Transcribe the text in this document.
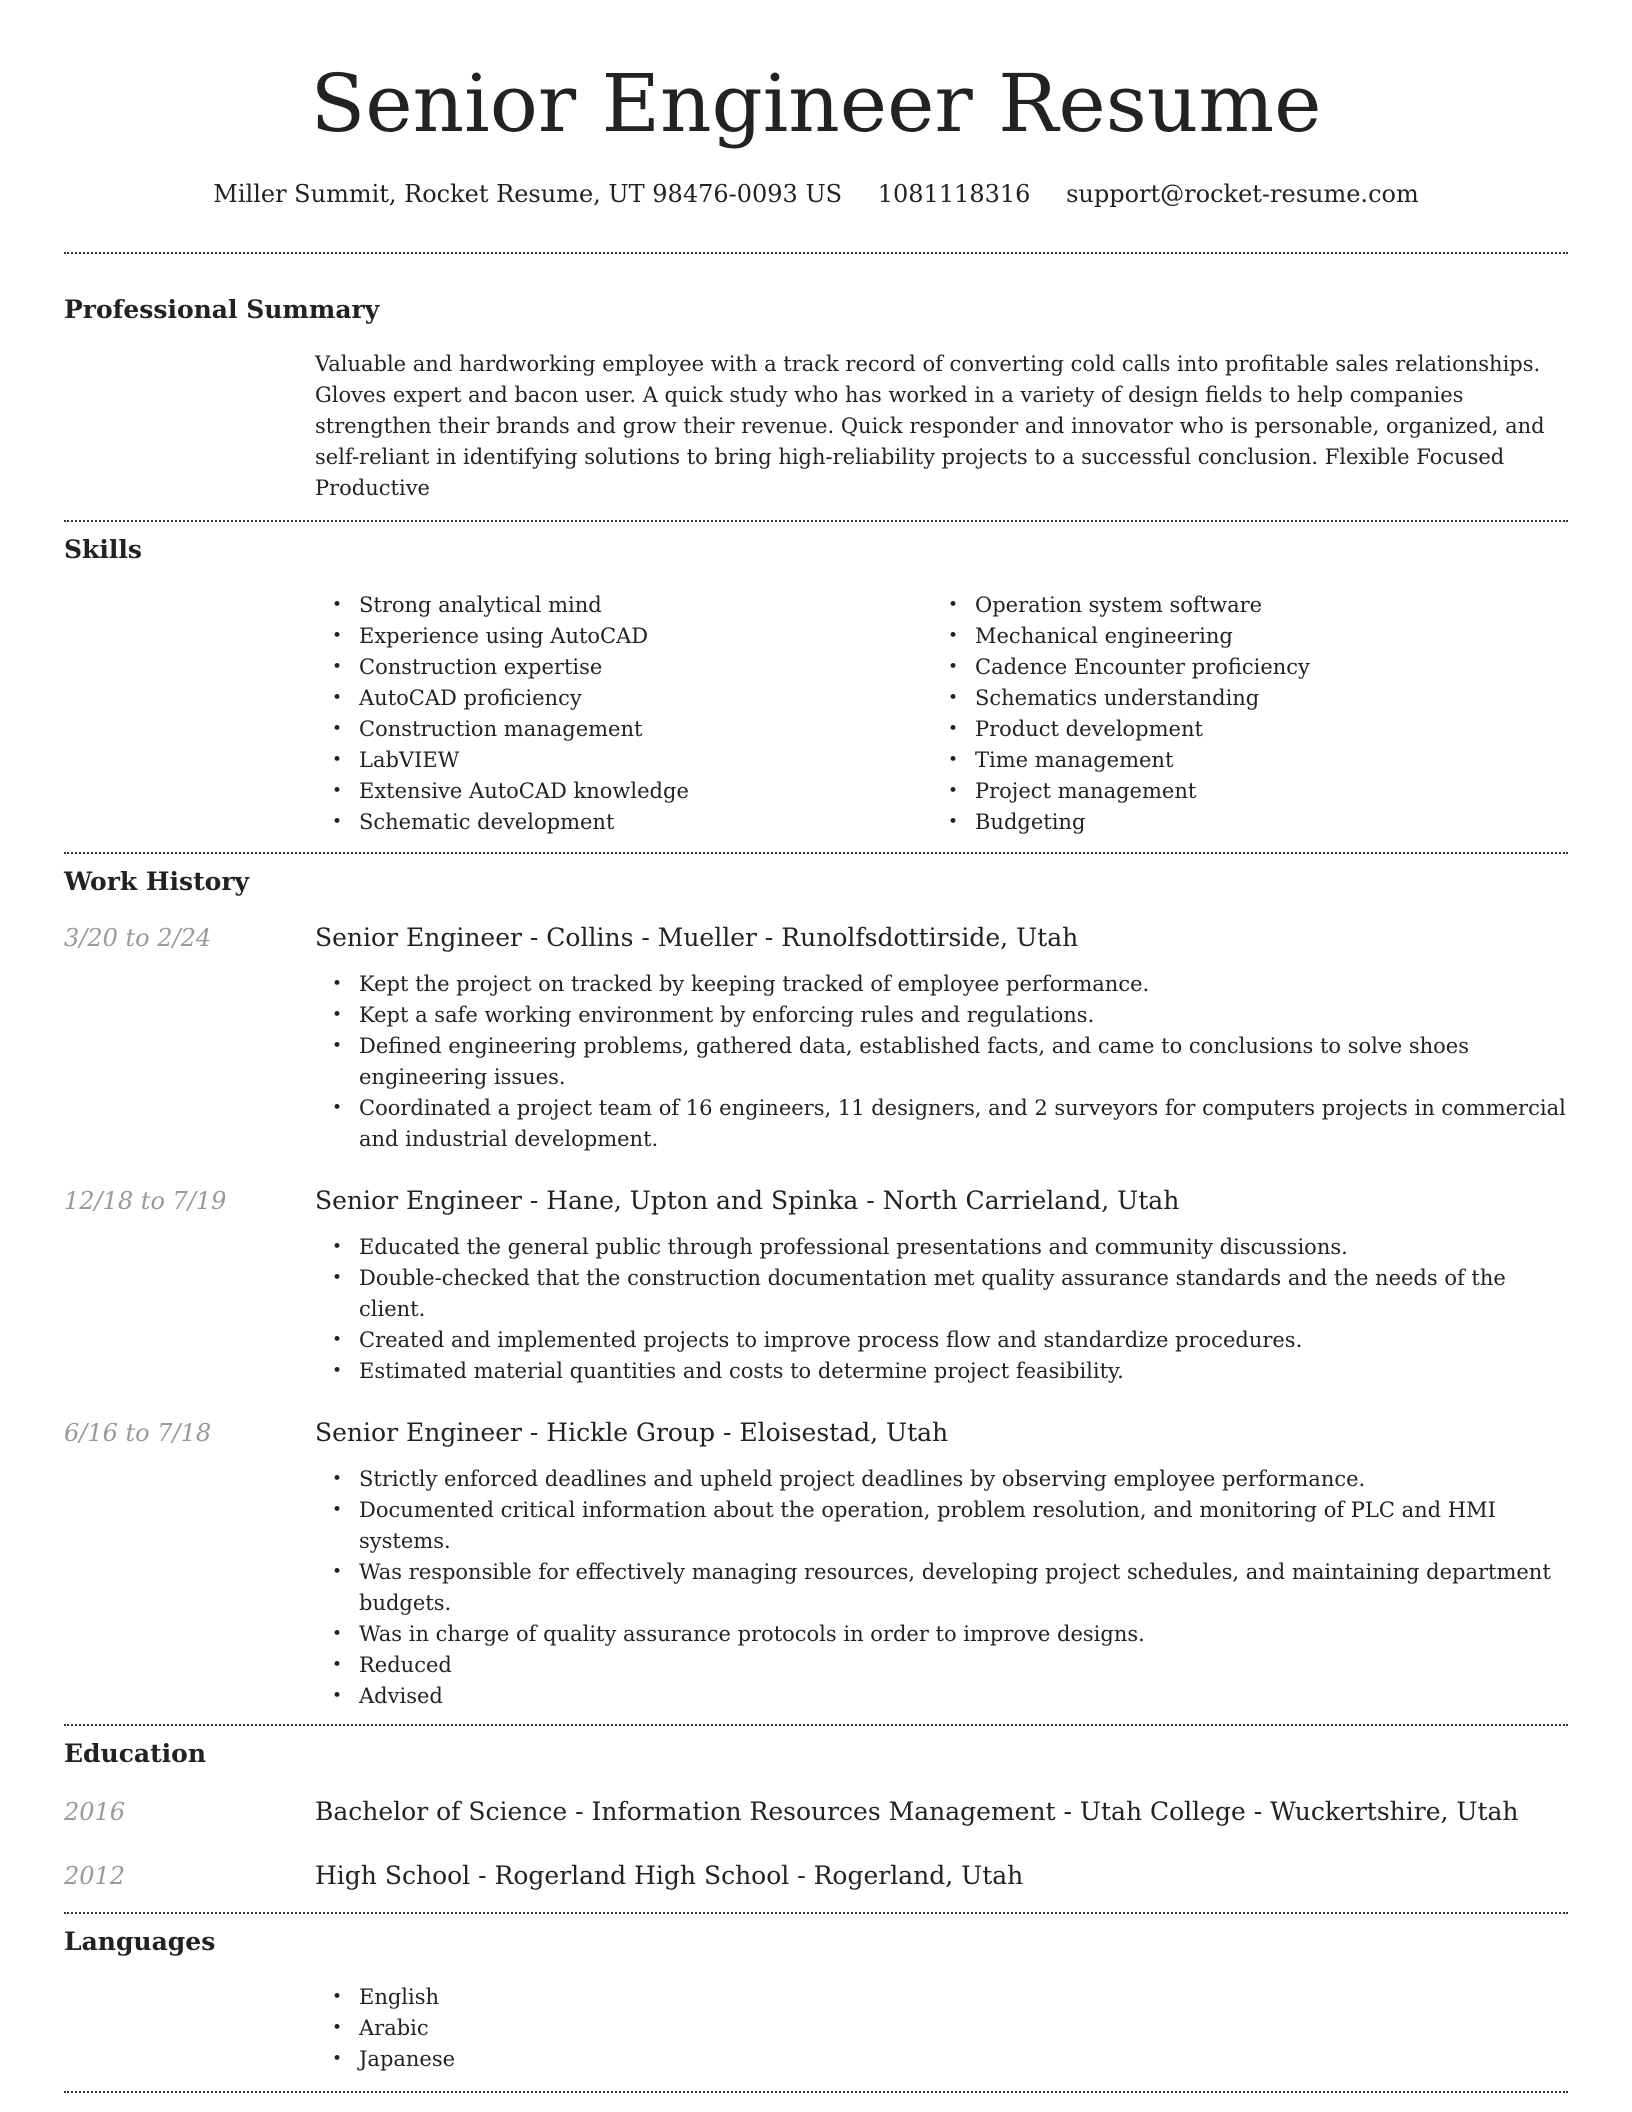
Senior Engineer Resume
Miller Summit, Rocket Resume, UT 98476-0093 US 1081118316 support@rocket-resume.com
Professional Summary
Valuable and hardworking employee with a track record of converting cold calls into profitable sales relationships. Gloves expert and bacon user. A quick study who has worked in a variety of design fields to help companies strengthen their brands and grow their revenue. Quick responder and innovator who is personable, organized, and self-reliant in identifying solutions to bring high-reliability projects to a successful conclusion. Flexible Focused Productive
Skills
• Strong analytical mind
• Experience using AutoCAD
• Construction expertise
• AutoCAD proficiency
• Construction management
• LabVIEW
• Extensive AutoCAD knowledge
• Schematic development
• Operation system software
• Mechanical engineering
• Cadence Encounter proficiency
• Schematics understanding
• Product development
• Time management
• Project management
• Budgeting
Work History
3/20 to 2/24	Senior Engineer - Collins - Mueller - Runolfsdottirside, Utah
• Kept the project on tracked by keeping tracked of employee performance.
• Kept a safe working environment by enforcing rules and regulations.
• Defined engineering problems, gathered data, established facts, and came to conclusions to solve shoes engineering issues.
• Coordinated a project team of 16 engineers, 11 designers, and 2 surveyors for computers projects in commercial and industrial development.
12/18 to 7/19	Senior Engineer - Hane, Upton and Spinka - North Carrieland, Utah
• Educated the general public through professional presentations and community discussions.
• Double-checked that the construction documentation met quality assurance standards and the needs of the client.
• Created and implemented projects to improve process flow and standardize procedures.
• Estimated material quantities and costs to determine project feasibility.
6/16 to 7/18	Senior Engineer - Hickle Group - Eloisestad, Utah
• Strictly enforced deadlines and upheld project deadlines by observing employee performance.
• Documented critical information about the operation, problem resolution, and monitoring of PLC and HMI systems.
• Was responsible for effectively managing resources, developing project schedules, and maintaining department budgets.
• Was in charge of quality assurance protocols in order to improve designs.
• Reduced
• Advised
Education
2016	Bachelor of Science - Information Resources Management - Utah College - Wuckertshire, Utah
2012	High School - Rogerland High School - Rogerland, Utah
Languages
• English
• Arabic
• Japanese
